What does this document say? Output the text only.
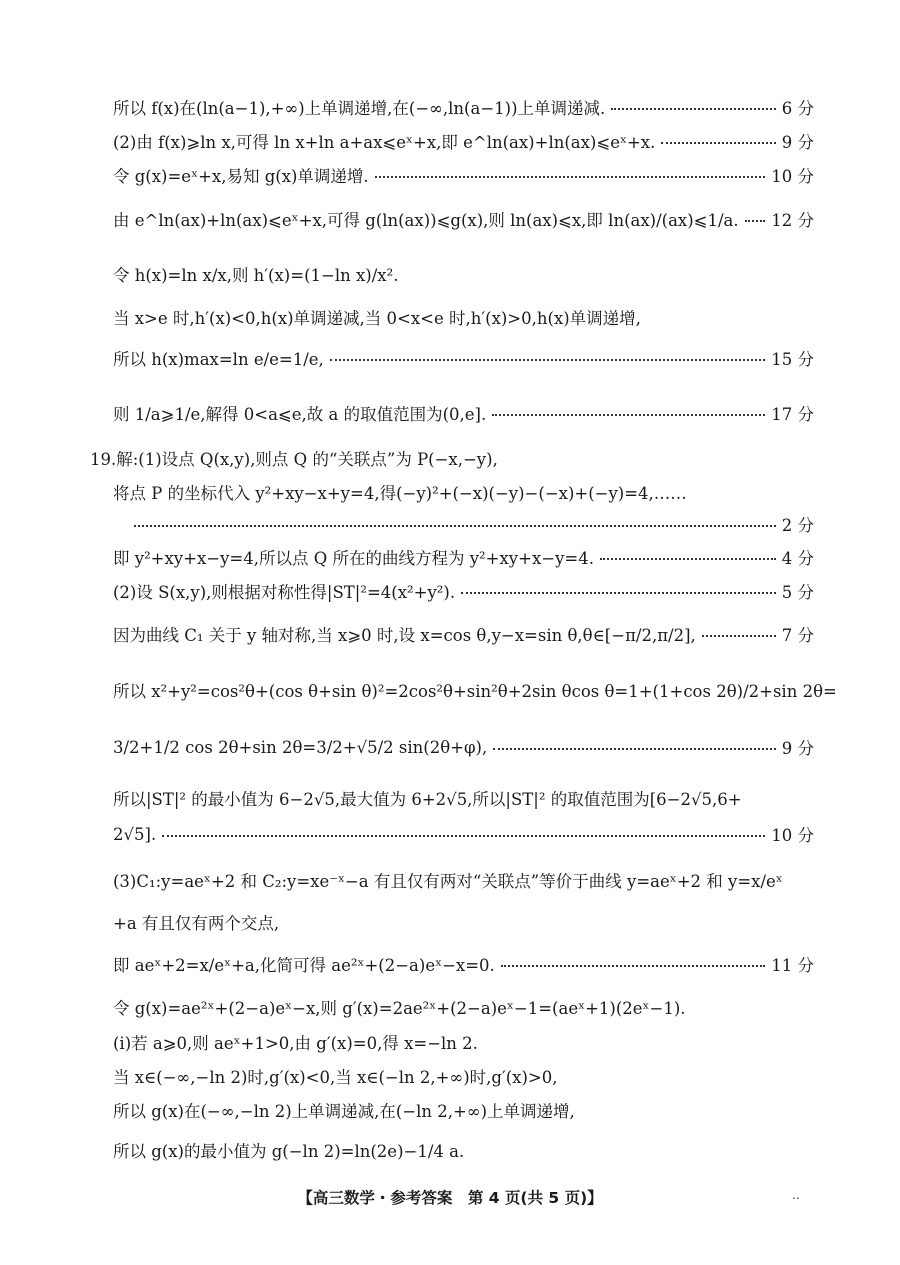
所以 f(x)在(ln(a−1),+∞)上单调递增,在(−∞,ln(a−1))上单调递减.	6 分
(2)由 f(x)⩾ln x,可得 ln x+ln a+ax⩽eˣ+x,即 e^ln(ax)+ln(ax)⩽eˣ+x.	9 分
令 g(x)=eˣ+x,易知 g(x)单调递增.	10 分
由 e^ln(ax)+ln(ax)⩽eˣ+x,可得 g(ln(ax))⩽g(x),则 ln(ax)⩽x,即 ln(ax)/(ax)⩽1/a. 12 分
令 h(x)=ln x/x,则 h′(x)=(1−ln x)/x².
当 x>e 时,h′(x)<0,h(x)单调递减,当 0<x<e 时,h′(x)>0,h(x)单调递增,
所以 h(x)max=ln e/e=1/e,	15 分
则 1/a⩾1/e,解得 0<a⩽e,故 a 的取值范围为(0,e].	17 分
19.解:(1)设点 Q(x,y),则点 Q 的“关联点”为 P(−x,−y),
将点 P 的坐标代入 y²+xy−x+y=4,得(−y)²+(−x)(−y)−(−x)+(−y)=4,……
2 分
即 y²+xy+x−y=4,所以点 Q 所在的曲线方程为 y²+xy+x−y=4.	4 分
(2)设 S(x,y),则根据对称性得|ST|²=4(x²+y²).	5 分
因为曲线 C₁ 关于 y 轴对称,当 x⩾0 时,设 x=cos θ,y−x=sin θ,θ∈[−π/2,π/2],	7 分
所以 x²+y²=cos²θ+(cos θ+sin θ)²=2cos²θ+sin²θ+2sin θcos θ=1+(1+cos 2θ)/2+sin 2θ=
3/2+1/2 cos 2θ+sin 2θ=3/2+√5/2 sin(2θ+φ),	9 分
所以|ST|² 的最小值为 6−2√5,最大值为 6+2√5,所以|ST|² 的取值范围为[6−2√5,6+
2√5].	10 分
(3)C₁:y=aeˣ+2 和 C₂:y=xe⁻ˣ−a 有且仅有两对“关联点”等价于曲线 y=aeˣ+2 和 y=x/eˣ
+a 有且仅有两个交点,
即 aeˣ+2=x/eˣ+a,化简可得 ae²ˣ+(2−a)eˣ−x=0.	11 分
令 g(x)=ae²ˣ+(2−a)eˣ−x,则 g′(x)=2ae²ˣ+(2−a)eˣ−1=(aeˣ+1)(2eˣ−1).
(ⅰ)若 a⩾0,则 aeˣ+1>0,由 g′(x)=0,得 x=−ln 2.
当 x∈(−∞,−ln 2)时,g′(x)<0,当 x∈(−ln 2,+∞)时,g′(x)>0,
所以 g(x)在(−∞,−ln 2)上单调递减,在(−ln 2,+∞)上单调递增,
所以 g(x)的最小值为 g(−ln 2)=ln(2e)−1/4 a.
【高三数学・参考答案　第 4 页(共 5 页)】	..
